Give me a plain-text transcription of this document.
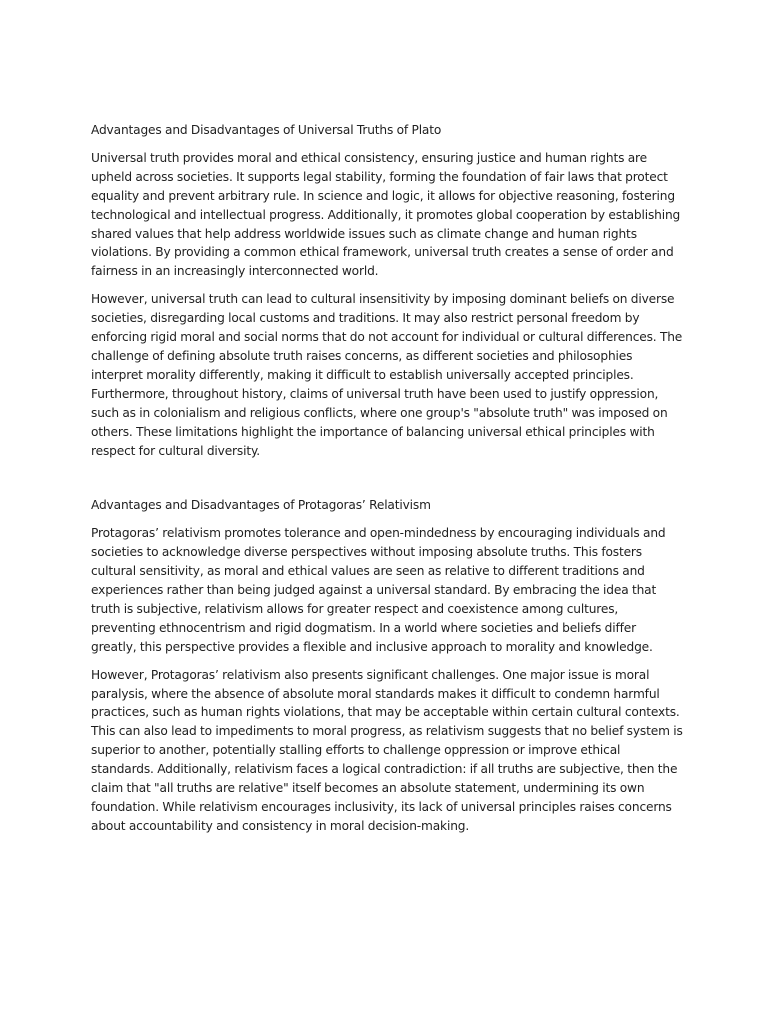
Advantages and Disadvantages of Universal Truths of Plato

Universal truth provides moral and ethical consistency, ensuring justice and human rights are upheld across societies. It supports legal stability, forming the foundation of fair laws that protect equality and prevent arbitrary rule. In science and logic, it allows for objective reasoning, fostering technological and intellectual progress. Additionally, it promotes global cooperation by establishing shared values that help address worldwide issues such as climate change and human rights violations. By providing a common ethical framework, universal truth creates a sense of order and fairness in an increasingly interconnected world.

However, universal truth can lead to cultural insensitivity by imposing dominant beliefs on diverse societies, disregarding local customs and traditions. It may also restrict personal freedom by enforcing rigid moral and social norms that do not account for individual or cultural differences. The challenge of defining absolute truth raises concerns, as different societies and philosophies interpret morality differently, making it difficult to establish universally accepted principles. Furthermore, throughout history, claims of universal truth have been used to justify oppression, such as in colonialism and religious conflicts, where one group's "absolute truth" was imposed on others. These limitations highlight the importance of balancing universal ethical principles with respect for cultural diversity.

Advantages and Disadvantages of Protagoras’ Relativism

Protagoras’ relativism promotes tolerance and open-mindedness by encouraging individuals and societies to acknowledge diverse perspectives without imposing absolute truths. This fosters cultural sensitivity, as moral and ethical values are seen as relative to different traditions and experiences rather than being judged against a universal standard. By embracing the idea that truth is subjective, relativism allows for greater respect and coexistence among cultures, preventing ethnocentrism and rigid dogmatism. In a world where societies and beliefs differ greatly, this perspective provides a flexible and inclusive approach to morality and knowledge.

However, Protagoras’ relativism also presents significant challenges. One major issue is moral paralysis, where the absence of absolute moral standards makes it difficult to condemn harmful practices, such as human rights violations, that may be acceptable within certain cultural contexts. This can also lead to impediments to moral progress, as relativism suggests that no belief system is superior to another, potentially stalling efforts to challenge oppression or improve ethical standards. Additionally, relativism faces a logical contradiction: if all truths are subjective, then the claim that "all truths are relative" itself becomes an absolute statement, undermining its own foundation. While relativism encourages inclusivity, its lack of universal principles raises concerns about accountability and consistency in moral decision-making.
